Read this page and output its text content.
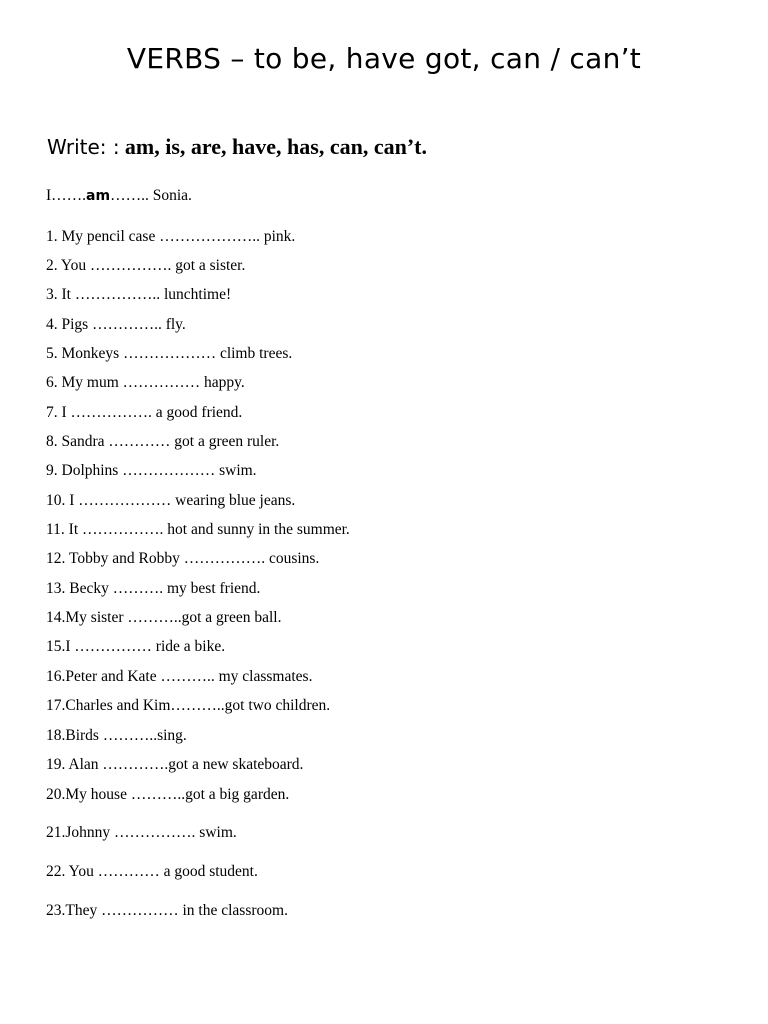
VERBS – to be, have got, can / can’t
Write: : am, is, are, have, has, can, can’t.
I…….am…….. Sonia.
1. My pencil case ……………….. pink.
2. You ……………. got a sister.
3. It …………….. lunchtime!
4. Pigs ………….. fly.
5. Monkeys ……………… climb trees.
6. My mum …………… happy.
7. I ……………. a good friend.
8. Sandra ………… got a green ruler.
9. Dolphins ……………… swim.
10. I ……………… wearing blue jeans.
11. It ……………. hot and sunny in the summer.
12. Tobby and Robby ……………. cousins.
13. Becky ………. my best friend.
14.My sister ………..got a green ball.
15.I …………… ride a bike.
16.Peter and Kate ……….. my classmates.
17.Charles and Kim………..got two children.
18.Birds ………..sing.
19. Alan ………….got a new skateboard.
20.My house ………..got a big garden.
21.Johnny ……………. swim.
22. You ………… a good student.
23.They …………… in the classroom.
